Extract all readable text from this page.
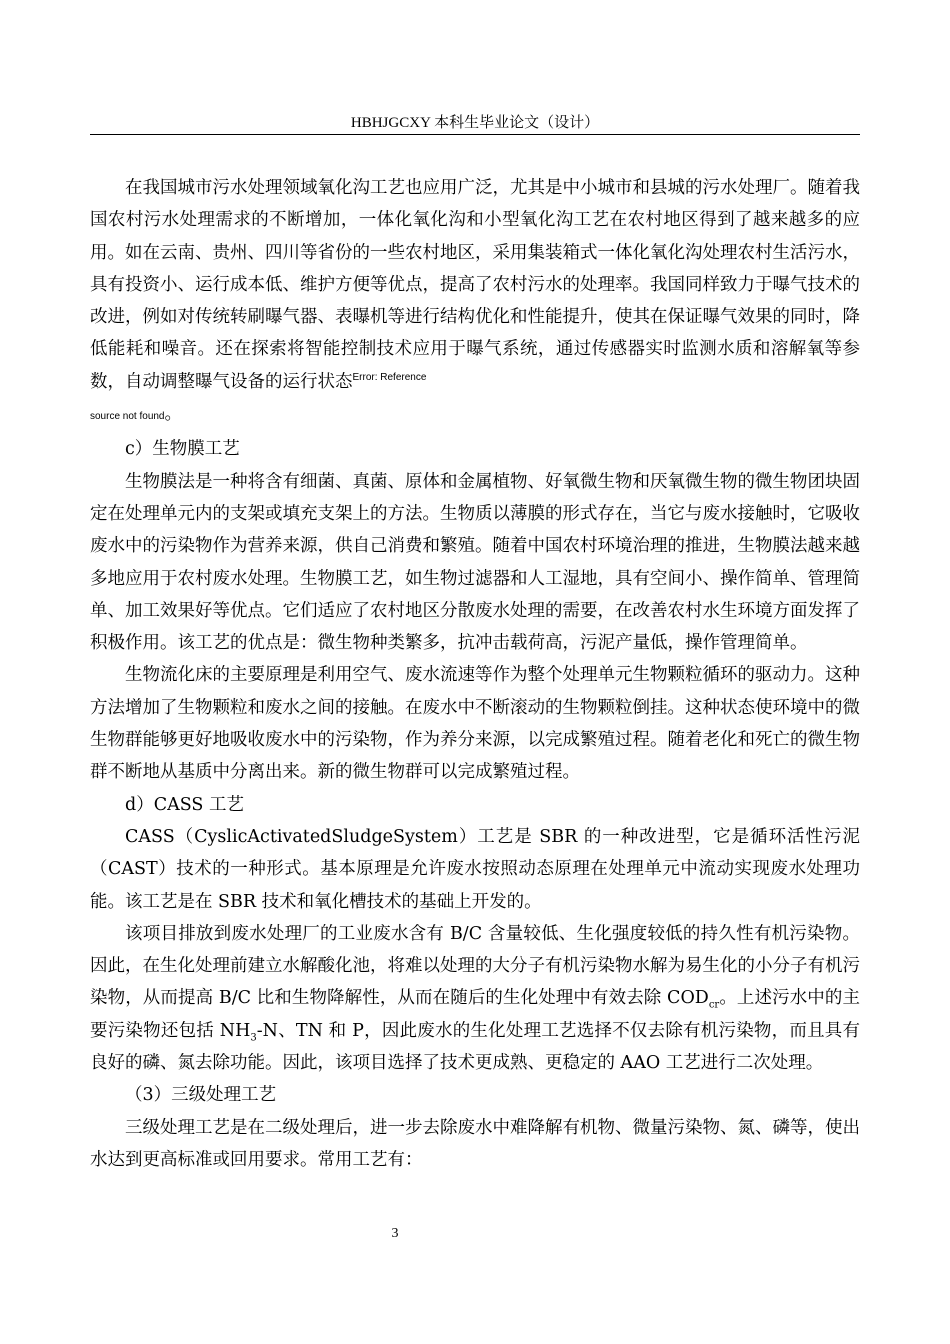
HBHJGCXY 本科生毕业论文（设计）

在我国城市污水处理领域氧化沟工艺也应用广泛，尤其是中小城市和县城的污水处理厂。随着我国农村污水处理需求的不断增加，一体化氧化沟和小型氧化沟工艺在农村地区得到了越来越多的应用。如在云南、贵州、四川等省份的一些农村地区，采用集装箱式一体化氧化沟处理农村生活污水，具有投资小、运行成本低、维护方便等优点，提高了农村污水的处理率。我国同样致力于曝气技术的改进，例如对传统转刷曝气器、表曝机等进行结构优化和性能提升，使其在保证曝气效果的同时，降低能耗和噪音。还在探索将智能控制技术应用于曝气系统，通过传感器实时监测水质和溶解氧等参数，自动调整曝气设备的运行状态$^{Error: Reference}$
source not found。

c）生物膜工艺

生物膜法是一种将含有细菌、真菌、原体和金属植物、好氧微生物和厌氧微生物的微生物团块固定在处理单元内的支架或填充支架上的方法。生物质以薄膜的形式存在，当它与废水接触时，它吸收废水中的污染物作为营养来源，供自己消费和繁殖。随着中国农村环境治理的推进，生物膜法越来越多地应用于农村废水处理。生物膜工艺，如生物过滤器和人工湿地，具有空间小、操作简单、管理简单、加工效果好等优点。它们适应了农村地区分散废水处理的需要，在改善农村水生环境方面发挥了积极作用。该工艺的优点是：微生物种类繁多，抗冲击载荷高，污泥产量低，操作管理简单。

生物流化床的主要原理是利用空气、废水流速等作为整个处理单元生物颗粒循环的驱动力。这种方法增加了生物颗粒和废水之间的接触。在废水中不断滚动的生物颗粒倒挂。这种状态使环境中的微生物群能够更好地吸收废水中的污染物，作为养分来源，以完成繁殖过程。随着老化和死亡的微生物群不断地从基质中分离出来。新的微生物群可以完成繁殖过程。

d）CASS 工艺

CASS（CyslicActivatedSludgeSystem）工艺是 SBR 的一种改进型，它是循环活性污泥（CAST）技术的一种形式。基本原理是允许废水按照动态原理在处理单元中流动实现废水处理功能。该工艺是在 SBR 技术和氧化槽技术的基础上开发的。

该项目排放到废水处理厂的工业废水含有 B/C 含量较低、生化强度较低的持久性有机污染物。因此，在生化处理前建立水解酸化池，将难以处理的大分子有机污染物水解为易生化的小分子有机污染物，从而提高 B/C 比和生物降解性，从而在随后的生化处理中有效去除 $COD_{cr}$。上述污水中的主要污染物还包括 $NH_3-N$、TN 和 P，因此废水的生化处理工艺选择不仅去除有机污染物，而且具有良好的磷、氮去除功能。因此，该项目选择了技术更成熟、更稳定的 AAO 工艺进行二次处理。

（3）三级处理工艺

三级处理工艺是在二级处理后，进一步去除废水中难降解有机物、微量污染物、氮、磷等，使出水达到更高标准或回用要求。常用工艺有：

3
